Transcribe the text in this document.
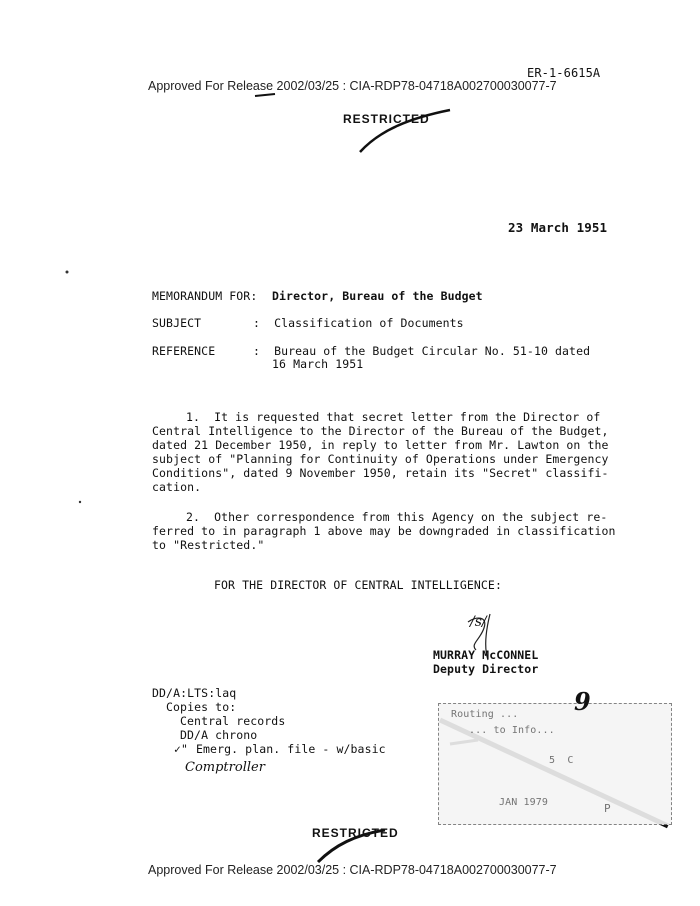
Approved For Release 2002/03/25 : CIA-RDP78-04718A002700030077-7
ER-1-6615A
RESTRICTED
23 March 1951
MEMORANDUM FOR: Director, Bureau of the Budget
SUBJECT	:  Classification of Documents
REFERENCE	:  Bureau of the Budget Circular No. 51-10 dated
16 March 1951
1.  It is requested that secret letter from the Director of
Central Intelligence to the Director of the Bureau of the Budget,
dated 21 December 1950, in reply to letter from Mr. Lawton on the
subject of "Planning for Continuity of Operations under Emergency
Conditions", dated 9 November 1950, retain its "Secret" classifi-
cation.
2.  Other correspondence from this Agency on the subject re-
ferred to in paragraph 1 above may be downgraded in classification
to "Restricted."
FOR THE DIRECTOR OF CENTRAL INTELLIGENCE:
/s/
MURRAY McCONNEL
Deputy Director
DD/A:LTS:laq
Copies to:
Central records
DD/A chrono
✓" Emerg. plan. file - w/basic
Comptroller
Routing ...
... to Info...
5  C
JAN 1979	P
9
RESTRICTED
Approved For Release 2002/03/25 : CIA-RDP78-04718A002700030077-7
